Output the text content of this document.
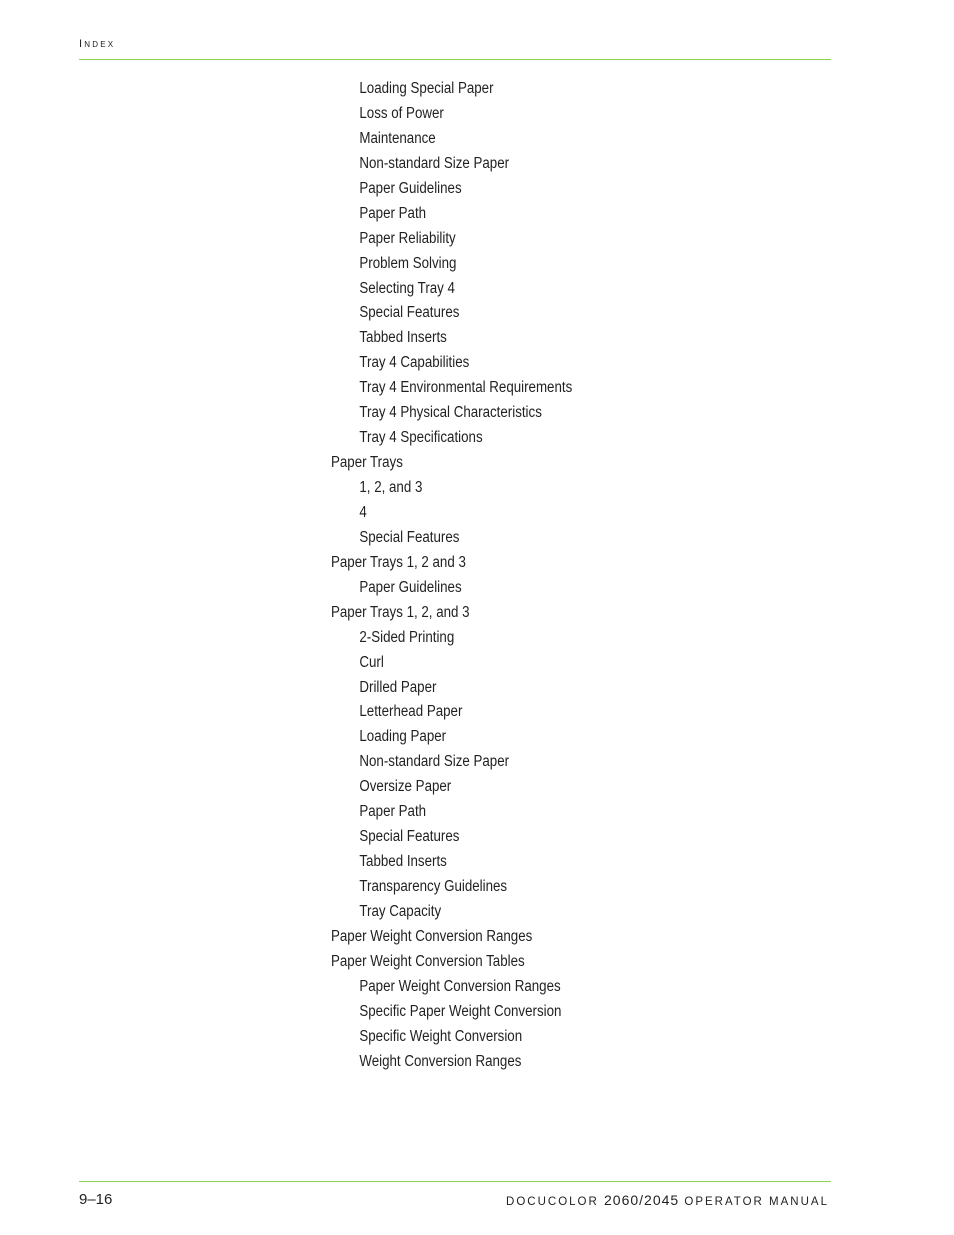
Index
Loading Special Paper
Loss of Power
Maintenance
Non-standard Size Paper
Paper Guidelines
Paper Path
Paper Reliability
Problem Solving
Selecting Tray 4
Special Features
Tabbed Inserts
Tray 4 Capabilities
Tray 4 Environmental Requirements
Tray 4 Physical Characteristics
Tray 4 Specifications
Paper Trays
1, 2, and 3
4
Special Features
Paper Trays 1, 2 and 3
Paper Guidelines
Paper Trays 1, 2, and 3
2-Sided Printing
Curl
Drilled Paper
Letterhead Paper
Loading Paper
Non-standard Size Paper
Oversize Paper
Paper Path
Special Features
Tabbed Inserts
Transparency Guidelines
Tray Capacity
Paper Weight Conversion Ranges
Paper Weight Conversion Tables
Paper Weight Conversion Ranges
Specific Paper Weight Conversion
Specific Weight Conversion
Weight Conversion Ranges
9–16	DOCUCOLOR 2060/2045 OPERATOR MANUAL
